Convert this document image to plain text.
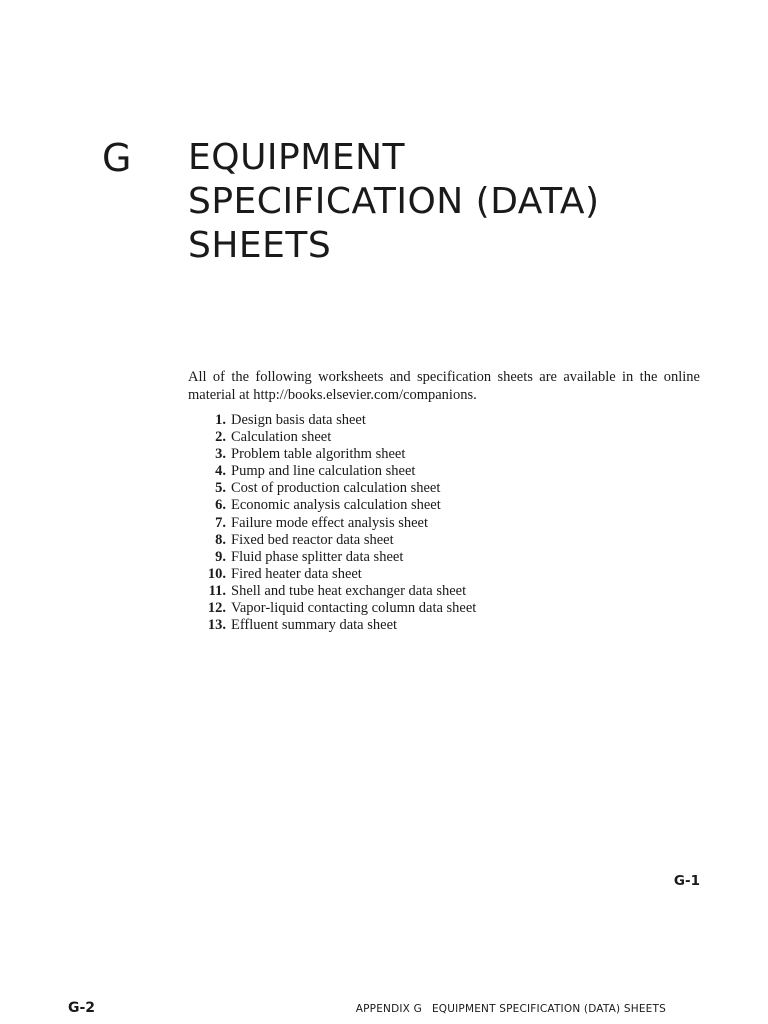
G EQUIPMENT
SPECIFICATION (DATA)
SHEETS

All of the following worksheets and specification sheets are available in the online material at http://books.elsevier.com/companions.

1. Design basis data sheet
2. Calculation sheet
3. Problem table algorithm sheet
4. Pump and line calculation sheet
5. Cost of production calculation sheet
6. Economic analysis calculation sheet
7. Failure mode effect analysis sheet
8. Fixed bed reactor data sheet
9. Fluid phase splitter data sheet
10. Fired heater data sheet
11. Shell and tube heat exchanger data sheet
12. Vapor-liquid contacting column data sheet
13. Effluent summary data sheet
G-1
G-2	APPENDIX G EQUIPMENT SPECIFICATION (DATA) SHEETS
